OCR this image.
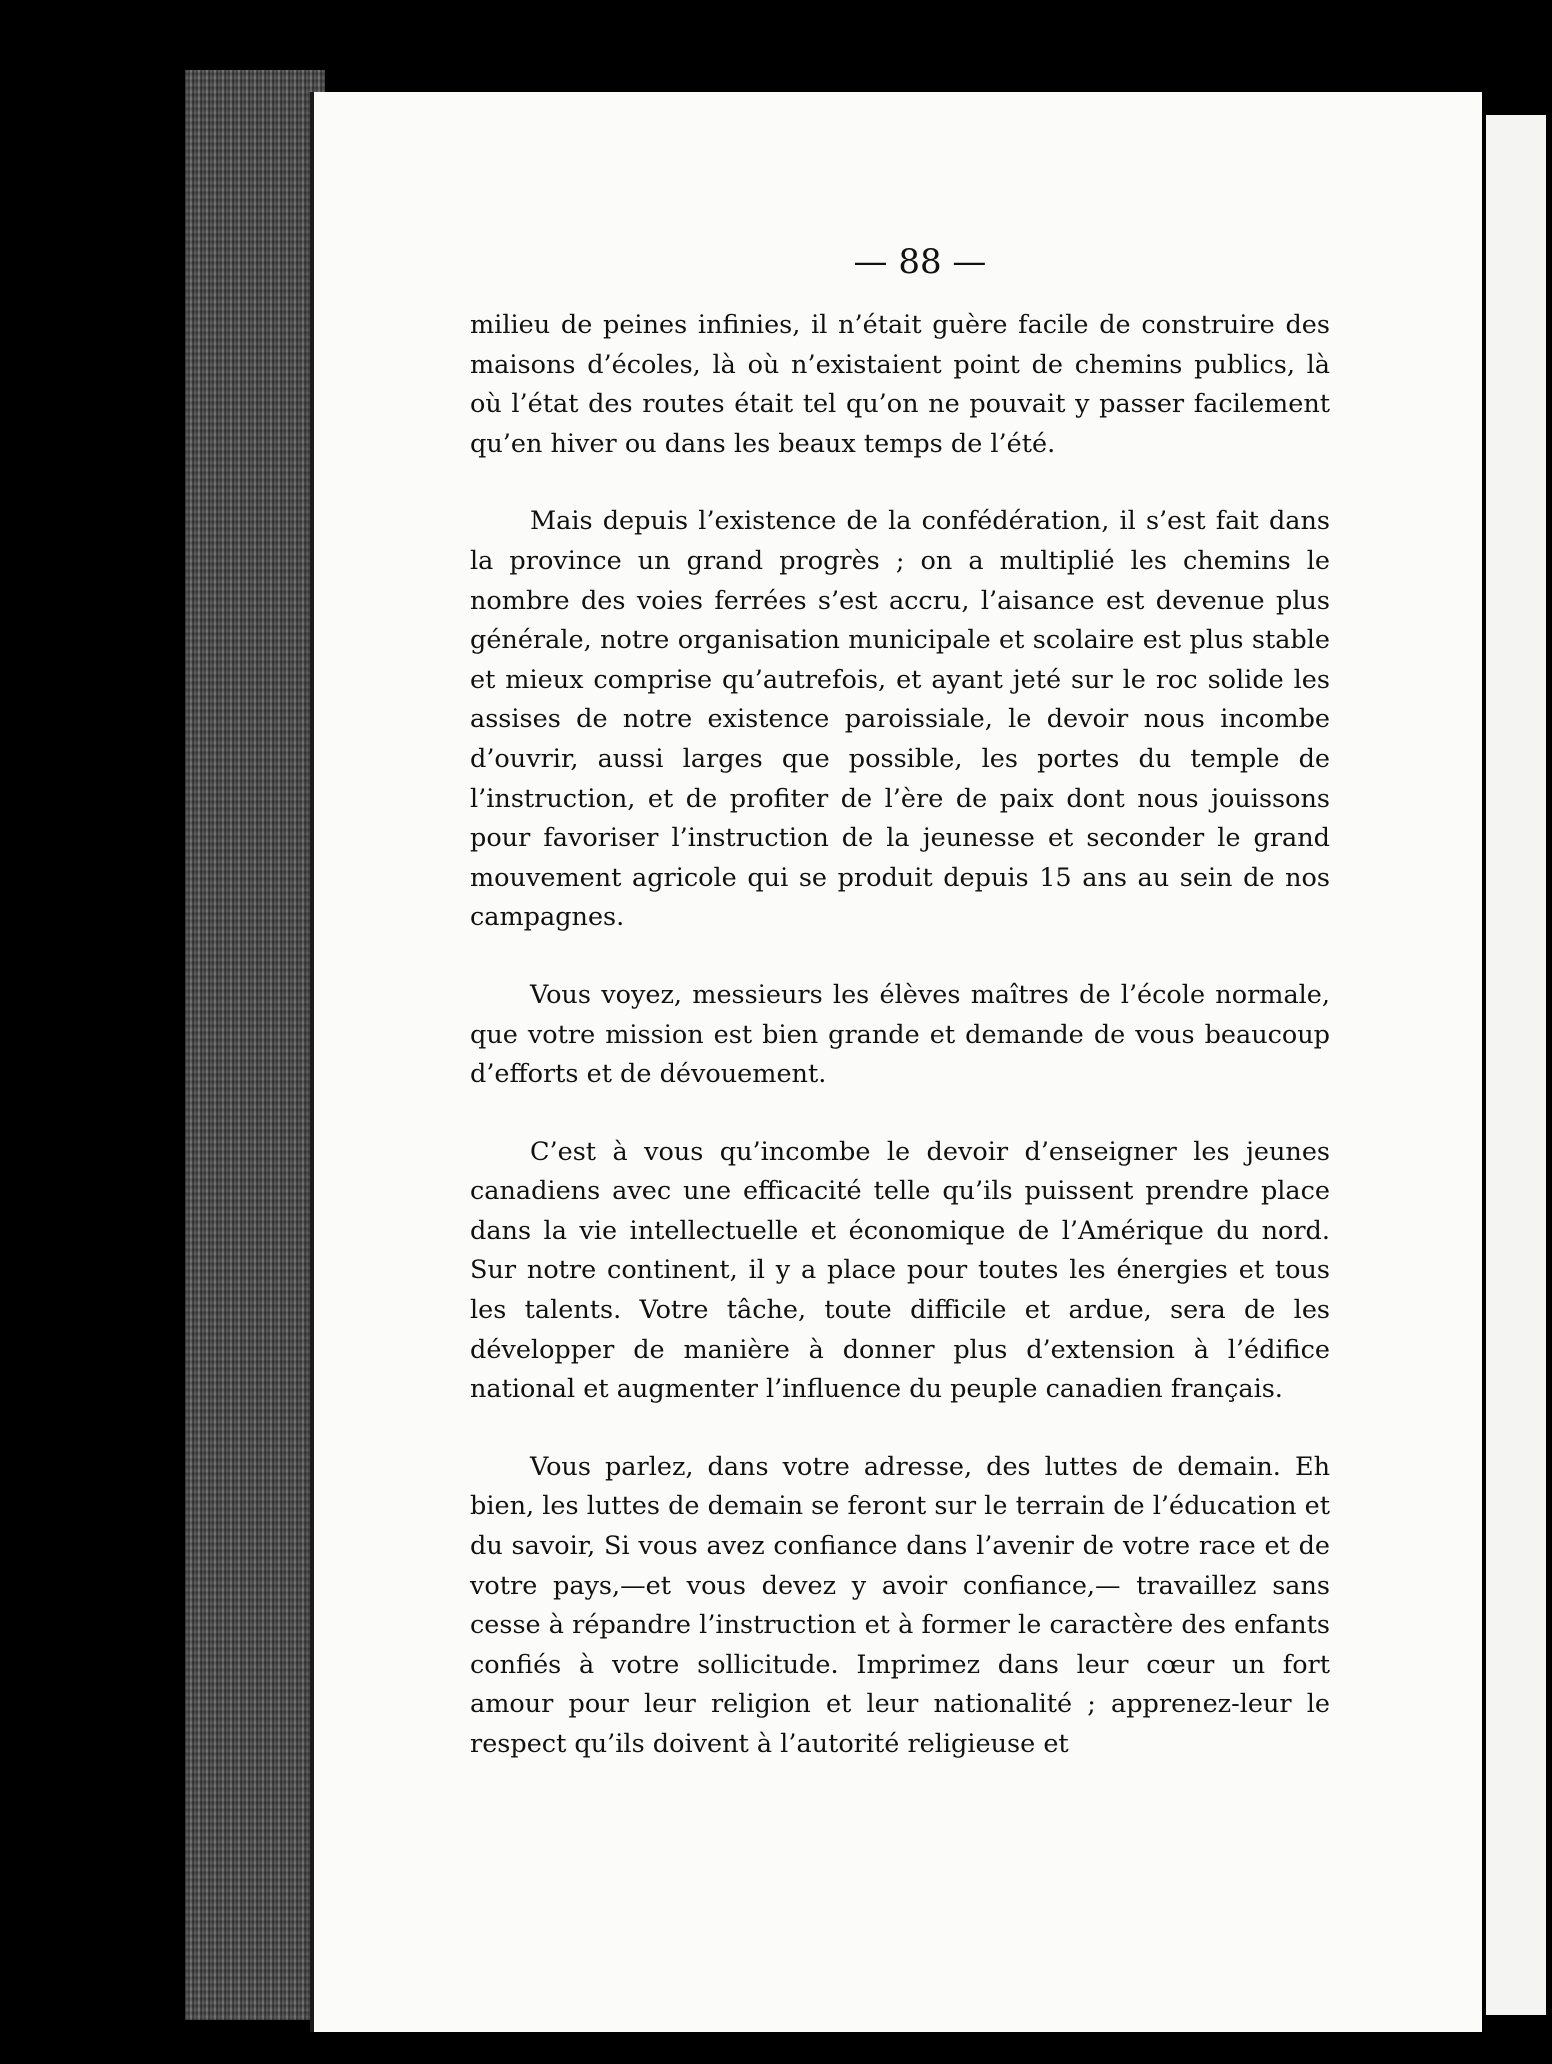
— 88 —

milieu de peines infinies, il n’était guère facile de construire des maisons d’écoles, là où n’existaient point de chemins publics, là où l’état des routes était tel qu’on ne pouvait y passer facilement qu’en hiver ou dans les beaux temps de l’été.

Mais depuis l’existence de la confédération, il s’est fait dans la province un grand progrès ; on a multiplié les chemins le nombre des voies ferrées s’est accru, l’aisance est devenue plus générale, notre organisation municipale et scolaire est plus stable et mieux comprise qu’autrefois, et ayant jeté sur le roc solide les assises de notre existence paroissiale, le devoir nous incombe d’ouvrir, aussi larges que possible, les portes du temple de l’instruction, et de profiter de l’ère de paix dont nous jouissons pour favoriser l’instruction de la jeunesse et seconder le grand mouvement agricole qui se produit depuis 15 ans au sein de nos campagnes.

Vous voyez, messieurs les élèves maîtres de l’école normale, que votre mission est bien grande et demande de vous beaucoup d’efforts et de dévouement.

C’est à vous qu’incombe le devoir d’enseigner les jeunes canadiens avec une efficacité telle qu’ils puissent prendre place dans la vie intellectuelle et économique de l’Amérique du nord. Sur notre continent, il y a place pour toutes les énergies et tous les talents. Votre tâche, toute difficile et ardue, sera de les développer de manière à donner plus d’extension à l’édifice national et augmenter l’influence du peuple canadien français.

Vous parlez, dans votre adresse, des luttes de demain. Eh bien, les luttes de demain se feront sur le terrain de l’éducation et du savoir, Si vous avez confiance dans l’avenir de votre race et de votre pays,—et vous devez y avoir confiance,— travaillez sans cesse à répandre l’instruction et à former le caractère des enfants confiés à votre sollicitude. Imprimez dans leur cœur un fort amour pour leur religion et leur nationalité ; apprenez-leur le respect qu’ils doivent à l’autorité religieuse et
